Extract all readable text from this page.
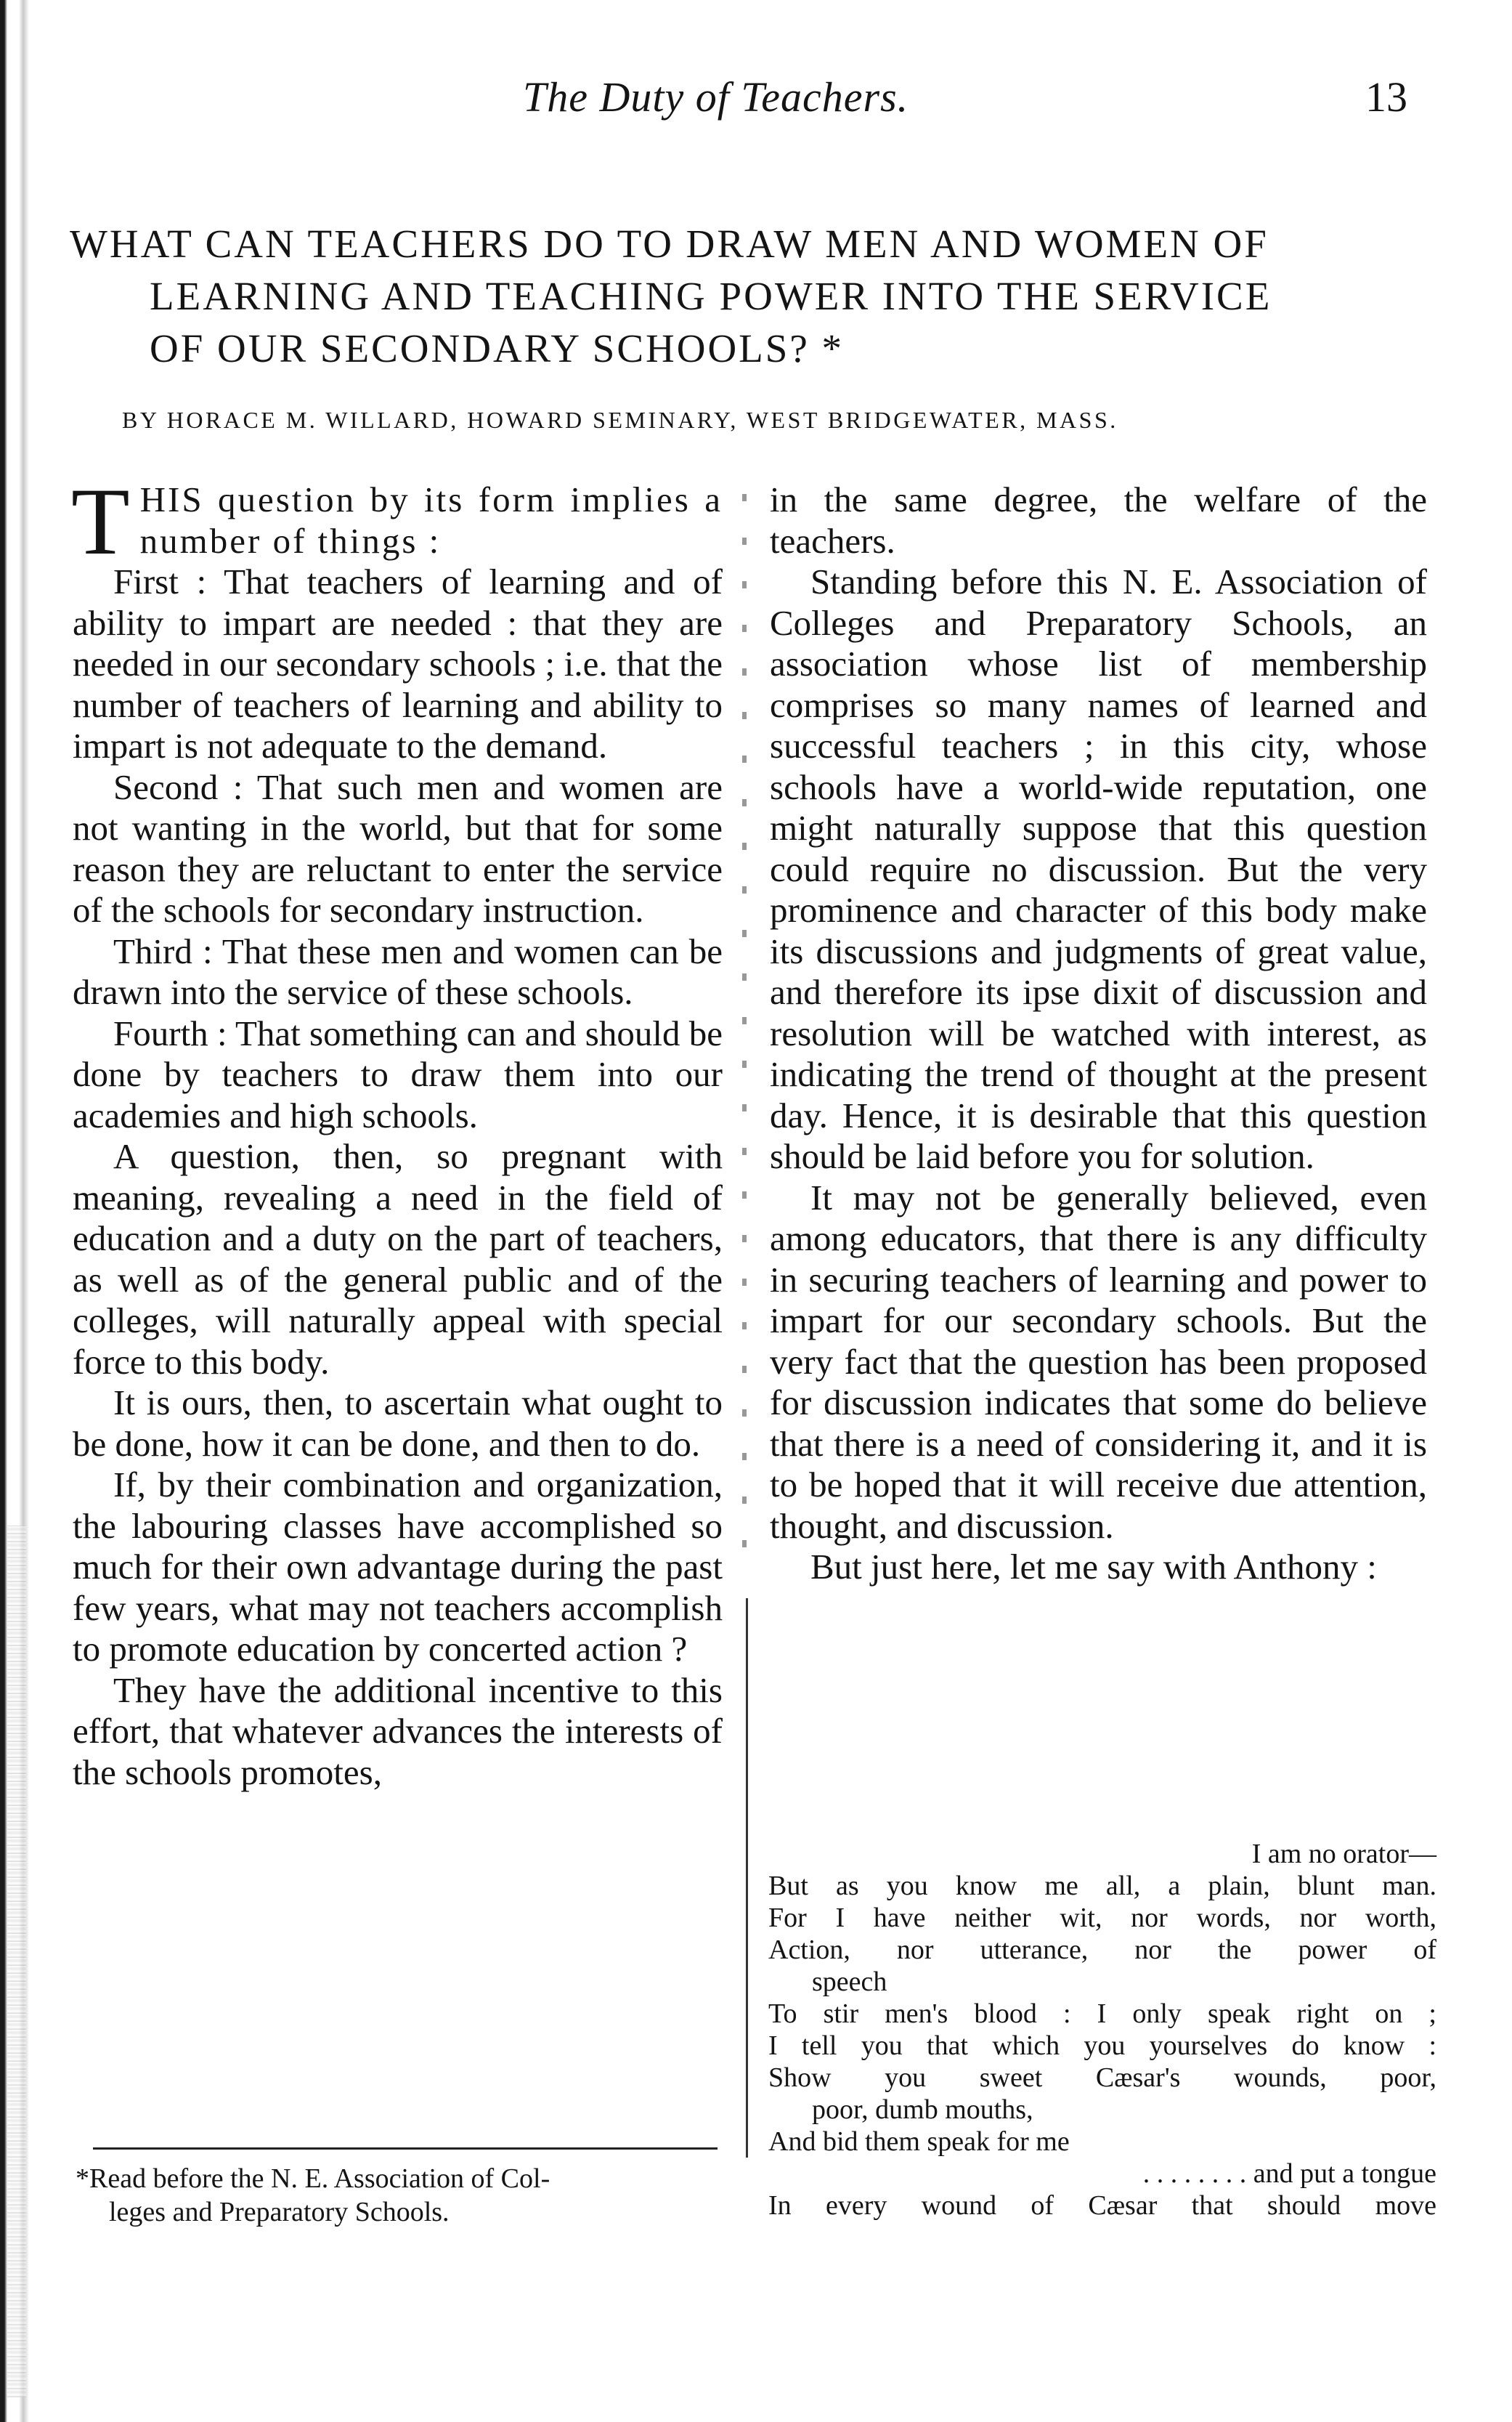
The Duty of Teachers.	13
WHAT CAN TEACHERS DO TO DRAW MEN AND WOMEN OF
LEARNING AND TEACHING POWER INTO THE SERVICE
OF OUR SECONDARY SCHOOLS? *
BY HORACE M. WILLARD, HOWARD SEMINARY, WEST BRIDGEWATER, MASS.

THIS question by its form implies a number of things :

First : That teachers of learning and of ability to impart are needed : that they are needed in our secondary schools ; i.e. that the number of teachers of learning and ability to impart is not adequate to the demand.

Second : That such men and women are not wanting in the world, but that for some reason they are reluctant to enter the service of the schools for secondary instruction.

Third : That these men and women can be drawn into the service of these schools.

Fourth : That something can and should be done by teachers to draw them into our academies and high schools.

A question, then, so pregnant with meaning, revealing a need in the field of education and a duty on the part of teachers, as well as of the general public and of the colleges, will naturally appeal with special force to this body.

It is ours, then, to ascertain what ought to be done, how it can be done, and then to do.

If, by their combination and organization, the labouring classes have accomplished so much for their own advantage during the past few years, what may not teachers accomplish to promote education by concerted action ?

They have the additional incentive to this effort, that whatever advances the interests of the schools promotes,

in the same degree, the welfare of the teachers.

Standing before this N. E. Association of Colleges and Preparatory Schools, an association whose list of membership comprises so many names of learned and successful teachers ; in this city, whose schools have a world-wide reputation, one might naturally suppose that this question could require no discussion. But the very prominence and character of this body make its discussions and judgments of great value, and therefore its ipse dixit of discussion and resolution will be watched with interest, as indicating the trend of thought at the present day. Hence, it is desirable that this question should be laid before you for solution.

It may not be generally believed, even among educators, that there is any difficulty in securing teachers of learning and power to impart for our secondary schools. But the very fact that the question has been proposed for discussion indicates that some do believe that there is a need of considering it, and it is to be hoped that it will receive due attention, thought, and discussion.

But just here, let me say with Anthony :

I am no orator—
But as you know me all, a plain, blunt man.
For I have neither wit, nor words, nor worth,
Action, nor utterance, nor the power of
speech
To stir men's blood : I only speak right on ;
I tell you that which you yourselves do know :
Show you sweet Cæsar's wounds, poor,
poor, dumb mouths,
And bid them speak for me
. . . . . . . . and put a tongue
In every wound of Cæsar that should move
*Read before the N. E. Association of Col-
leges and Preparatory Schools.
